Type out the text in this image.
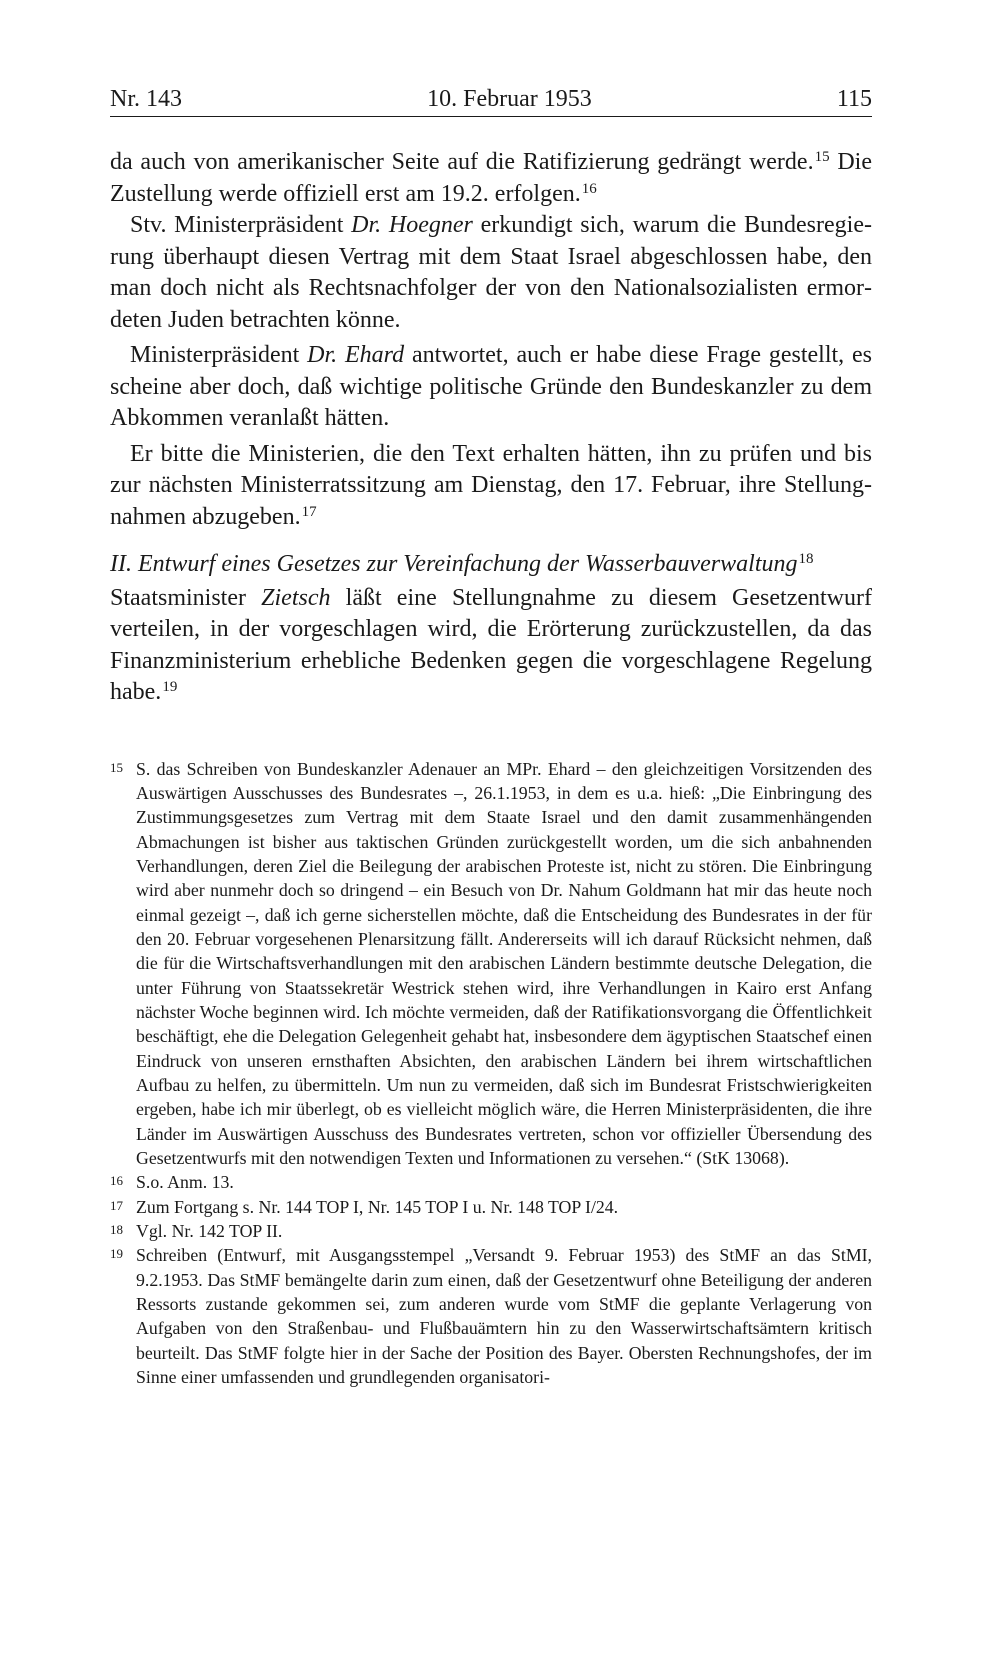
Nr. 143	10. Februar 1953	115

da auch von amerikanischer Seite auf die Ratifizierung gedrängt werde.$^{15}$ Die Zustellung werde offiziell erst am 19.2. erfolgen.$^{16}$

Stv. Ministerpräsident Dr. Hoegner erkundigt sich, warum die Bundesregierung überhaupt diesen Vertrag mit dem Staat Israel abgeschlossen habe, den man doch nicht als Rechtsnachfolger der von den Nationalsozialisten ermordeten Juden betrachten könne.

Ministerpräsident Dr. Ehard antwortet, auch er habe diese Frage gestellt, es scheine aber doch, daß wichtige politische Gründe den Bundeskanzler zu dem Abkommen veranlaßt hätten.

Er bitte die Ministerien, die den Text erhalten hätten, ihn zu prüfen und bis zur nächsten Ministerratssitzung am Dienstag, den 17. Februar, ihre Stellungnahmen abzugeben.$^{17}$

II. Entwurf eines Gesetzes zur Vereinfachung der Wasserbauverwaltung$^{18}$

Staatsminister Zietsch läßt eine Stellungnahme zu diesem Gesetzentwurf verteilen, in der vorgeschlagen wird, die Erörterung zurückzustellen, da das Finanzministerium erhebliche Bedenken gegen die vorgeschlagene Regelung habe.$^{19}$

15 S. das Schreiben von Bundeskanzler Adenauer an MPr. Ehard – den gleichzeitigen Vorsitzenden des Auswärtigen Ausschusses des Bundesrates –, 26.1.1953, in dem es u.a. hieß: „Die Einbringung des Zustimmungsgesetzes zum Vertrag mit dem Staate Israel und den damit zusammenhängenden Abmachungen ist bisher aus taktischen Gründen zurückgestellt worden, um die sich anbahnenden Verhandlungen, deren Ziel die Beilegung der arabischen Proteste ist, nicht zu stören. Die Einbringung wird aber nunmehr doch so dringend – ein Besuch von Dr. Nahum Goldmann hat mir das heute noch einmal gezeigt –, daß ich gerne sicherstellen möchte, daß die Entscheidung des Bundesrates in der für den 20. Februar vorgesehenen Plenarsitzung fällt. Andererseits will ich darauf Rücksicht nehmen, daß die für die Wirtschaftsverhandlungen mit den arabischen Ländern bestimmte deutsche Delegation, die unter Führung von Staatssekretär Westrick stehen wird, ihre Verhandlungen in Kairo erst Anfang nächster Woche beginnen wird. Ich möchte vermeiden, daß der Ratifikationsvorgang die Öffentlichkeit beschäftigt, ehe die Delegation Gelegenheit gehabt hat, insbesondere dem ägyptischen Staatschef einen Eindruck von unseren ernsthaften Absichten, den arabischen Ländern bei ihrem wirtschaftlichen Aufbau zu helfen, zu übermitteln. Um nun zu vermeiden, daß sich im Bundesrat Fristschwierigkeiten ergeben, habe ich mir überlegt, ob es vielleicht möglich wäre, die Herren Ministerpräsidenten, die ihre Länder im Auswärtigen Ausschuss des Bundesrates vertreten, schon vor offizieller Übersendung des Gesetzentwurfs mit den notwendigen Texten und Informationen zu versehen.“ (StK 13068).
16 S.o. Anm. 13.
17 Zum Fortgang s. Nr. 144 TOP I, Nr. 145 TOP I u. Nr. 148 TOP I/24.
18 Vgl. Nr. 142 TOP II.
19 Schreiben (Entwurf, mit Ausgangsstempel „Versandt 9. Februar 1953) des StMF an das StMI, 9.2.1953. Das StMF bemängelte darin zum einen, daß der Gesetzentwurf ohne Beteiligung der anderen Ressorts zustande gekommen sei, zum anderen wurde vom StMF die geplante Verlagerung von Aufgaben von den Straßenbau- und Flußbauämtern hin zu den Wasserwirtschaftsämtern kritisch beurteilt. Das StMF folgte hier in der Sache der Position des Bayer. Obersten Rechnungshofes, der im Sinne einer umfassenden und grundlegenden organisatori-
